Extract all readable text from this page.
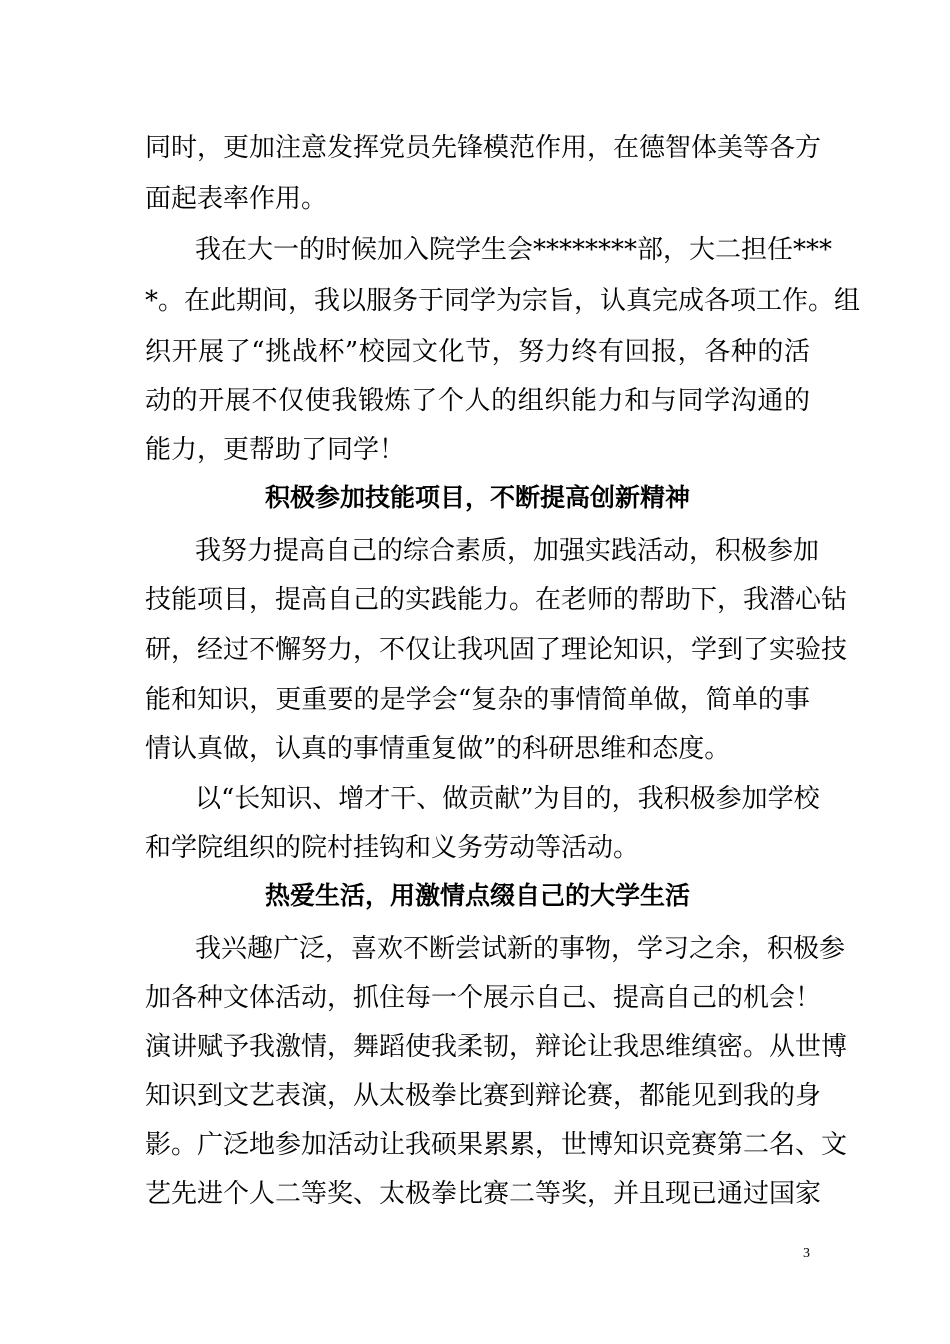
同时，更加注意发挥党员先锋模范作用，在德智体美等各方
面起表率作用。
我在大一的时候加入院学生会********部，大二担任***
*。在此期间，我以服务于同学为宗旨，认真完成各项工作。组
织开展了“挑战杯”校园文化节，努力终有回报，各种的活
动的开展不仅使我锻炼了个人的组织能力和与同学沟通的
能力，更帮助了同学！
积极参加技能项目，不断提高创新精神
我努力提高自己的综合素质，加强实践活动，积极参加
技能项目，提高自己的实践能力。在老师的帮助下，我潜心钻
研，经过不懈努力，不仅让我巩固了理论知识，学到了实验技
能和知识，更重要的是学会“复杂的事情简单做，简单的事
情认真做，认真的事情重复做”的科研思维和态度。
以“长知识、增才干、做贡献”为目的，我积极参加学校
和学院组织的院村挂钩和义务劳动等活动。
热爱生活，用激情点缀自己的大学生活
我兴趣广泛，喜欢不断尝试新的事物，学习之余，积极参
加各种文体活动，抓住每一个展示自己、提高自己的机会！
演讲赋予我激情，舞蹈使我柔韧，辩论让我思维缜密。从世博
知识到文艺表演，从太极拳比赛到辩论赛，都能见到我的身
影。广泛地参加活动让我硕果累累，世博知识竞赛第二名、文
艺先进个人二等奖、太极拳比赛二等奖，并且现已通过国家
3
